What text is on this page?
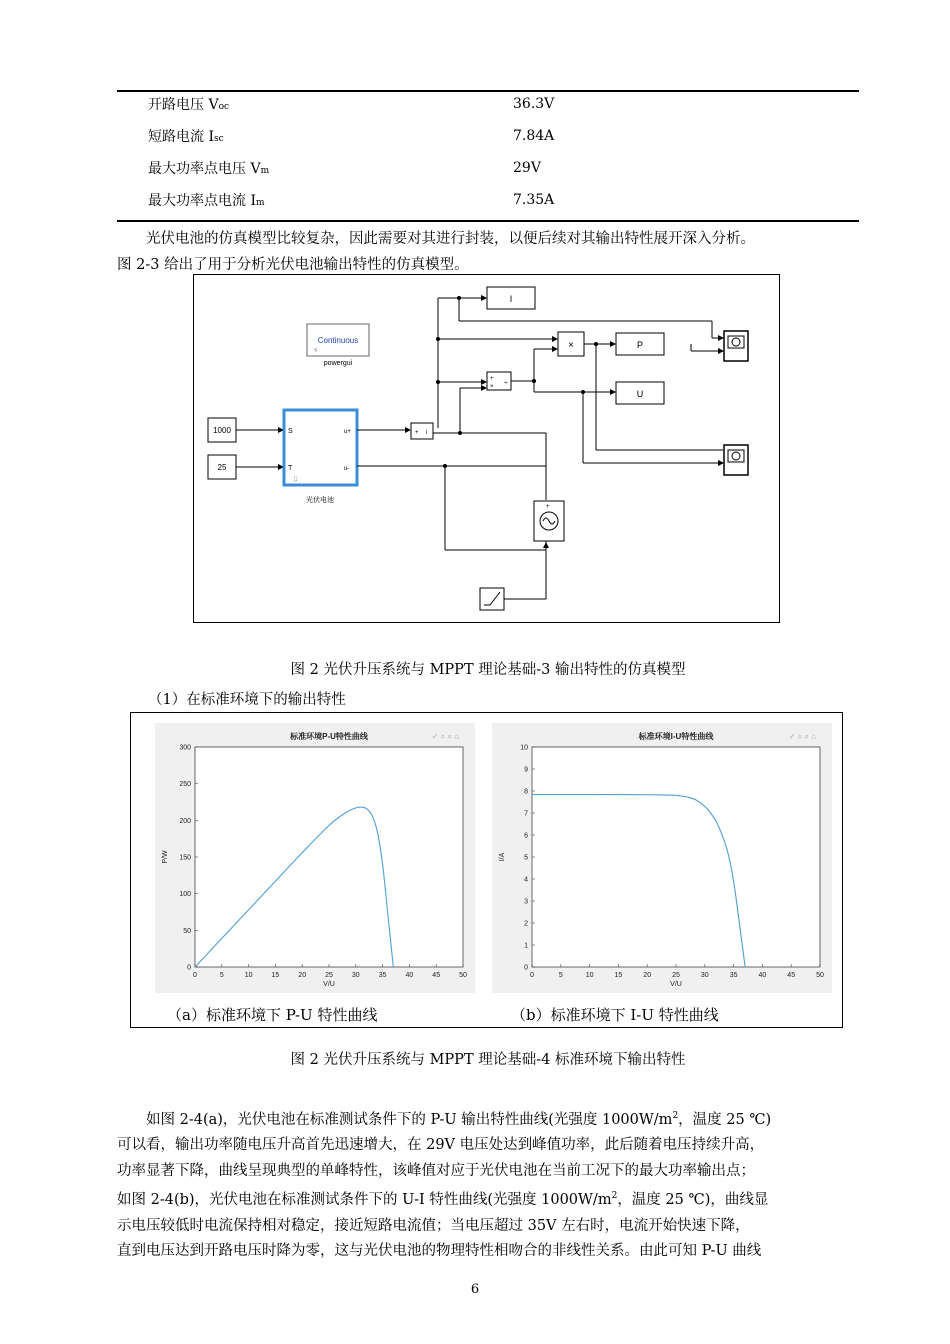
开路电压 Voc	36.3V
短路电流 Isc	7.84A
最大功率点电压 Vm	29V
最大功率点电流 Im	7.35A
光伏电池的仿真模型比较复杂，因此需要对其进行封装，以便后续对其输出特性展开深入分析。
图 2-3 给出了用于分析光伏电池输出特性的仿真模型。
Continuous
⚡
powergui
1000
25
S
T
u+
u-
⇩
光伏电池
+ i
I
+
× ÷
×	P
U
+
图 2 光伏升压系统与 MPPT 理论基础-3 输出特性的仿真模型
（1）在标准环境下的输出特性
标准环境P-U特性曲线
0	5	10	15	20	25	30	35	40	45	50
0
50
100
150
200
250
300
V/U
P/W
✓ ⌕ ⌕ ⌂	标准环境I-U特性曲线
0	5	10	15	20	25	30	35	40	45	50
0
1
2
3
4
5
6
7
8
9
10
V/U
I/A
✓ ⌕ ⌕ ⌂
（a）标准环境下 P-U 特性曲线	（b）标准环境下 I-U 特性曲线
图 2 光伏升压系统与 MPPT 理论基础-4 标准环境下输出特性
如图 2-4(a)，光伏电池在标准测试条件下的 P-U 输出特性曲线(光强度 $1000W/m^2$，温度 25 ℃)
可以看，输出功率随电压升高首先迅速增大，在 29V 电压处达到峰值功率，此后随着电压持续升高，
功率显著下降，曲线呈现典型的单峰特性，该峰值对应于光伏电池在当前工况下的最大功率输出点；
如图 2-4(b)，光伏电池在标准测试条件下的 U-I 特性曲线(光强度 $1000W/m^2$，温度 25 ℃)，曲线显
示电压较低时电流保持相对稳定，接近短路电流值；当电压超过 35V 左右时，电流开始快速下降，
直到电压达到开路电压时降为零，这与光伏电池的物理特性相吻合的非线性关系。由此可知 P-U 曲线
6
